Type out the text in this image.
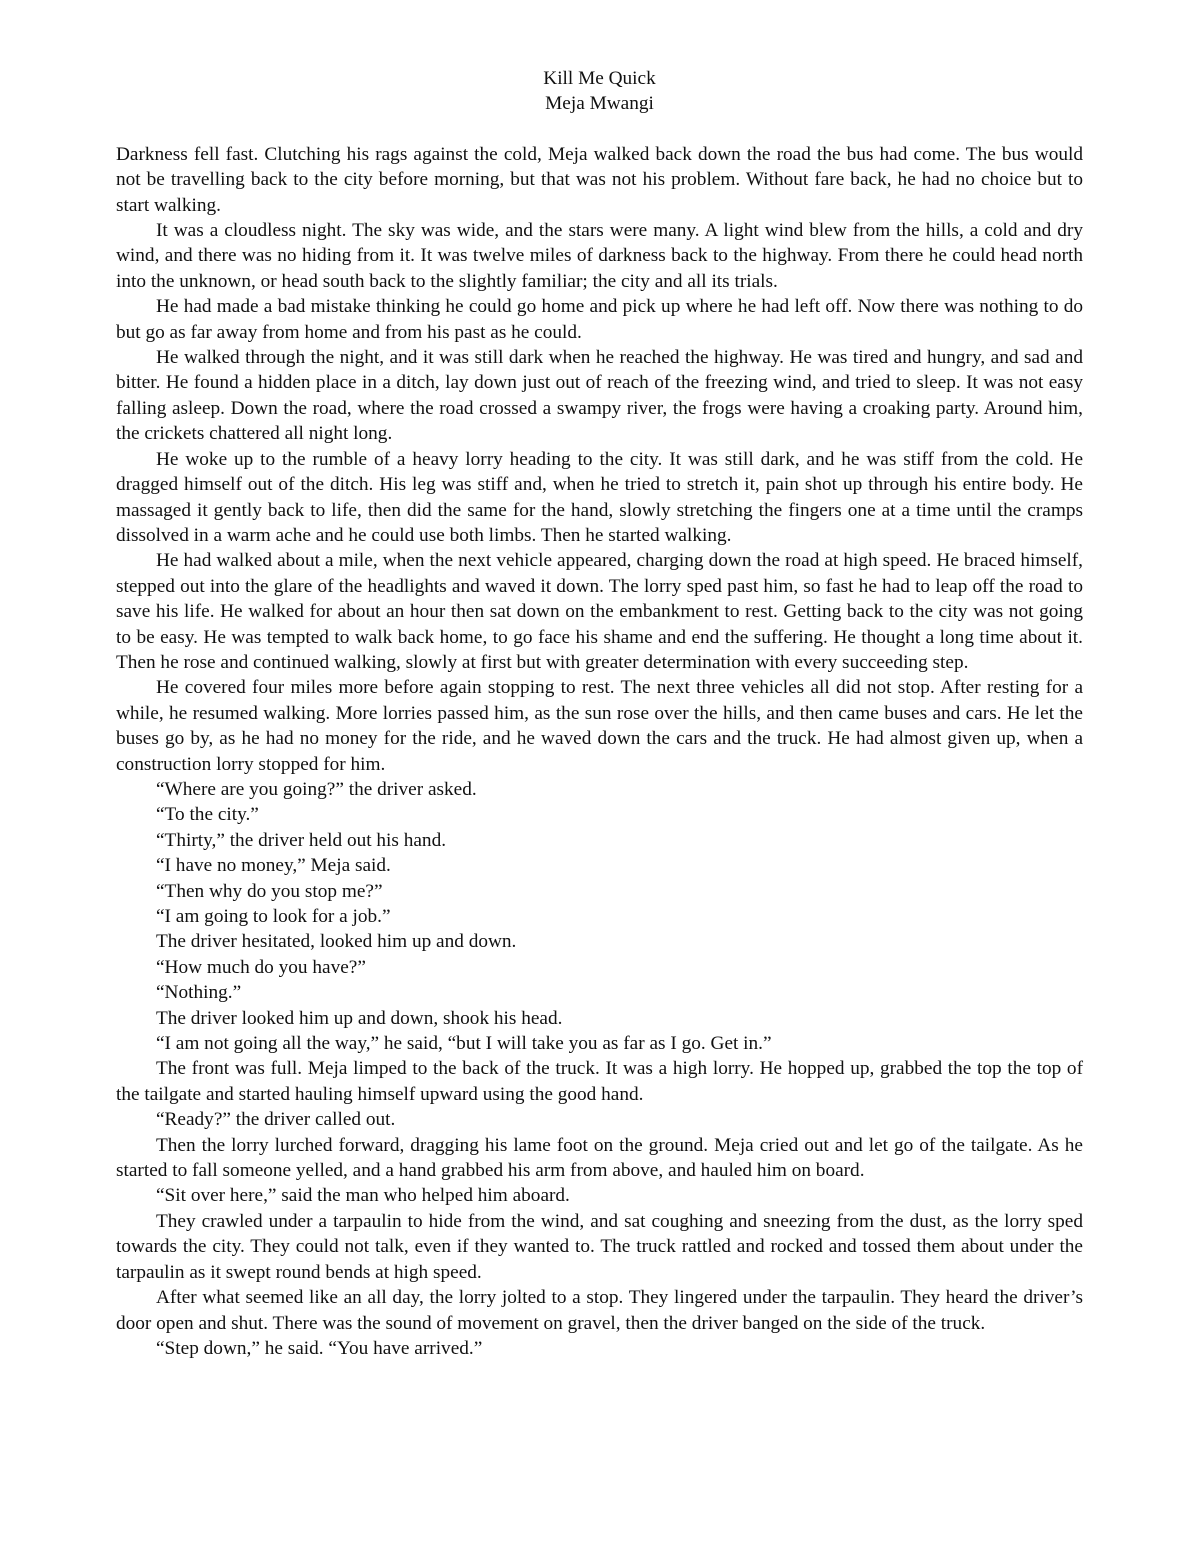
Kill Me Quick
Meja Mwangi

Darkness fell fast. Clutching his rags against the cold, Meja walked back down the road the bus had come. The bus would not be travelling back to the city before morning, but that was not his problem. Without fare back, he had no choice but to start walking.

It was a cloudless night. The sky was wide, and the stars were many. A light wind blew from the hills, a cold and dry wind, and there was no hiding from it. It was twelve miles of darkness back to the highway. From there he could head north into the unknown, or head south back to the slightly familiar; the city and all its trials.

He had made a bad mistake thinking he could go home and pick up where he had left off. Now there was nothing to do but go as far away from home and from his past as he could.

He walked through the night, and it was still dark when he reached the highway. He was tired and hungry, and sad and bitter. He found a hidden place in a ditch, lay down just out of reach of the freezing wind, and tried to sleep. It was not easy falling asleep. Down the road, where the road crossed a swampy river, the frogs were having a croaking party. Around him, the crickets chattered all night long.

He woke up to the rumble of a heavy lorry heading to the city. It was still dark, and he was stiff from the cold. He dragged himself out of the ditch. His leg was stiff and, when he tried to stretch it, pain shot up through his entire body. He massaged it gently back to life, then did the same for the hand, slowly stretching the fingers one at a time until the cramps dissolved in a warm ache and he could use both limbs. Then he started walking.

He had walked about a mile, when the next vehicle appeared, charging down the road at high speed. He braced himself, stepped out into the glare of the headlights and waved it down. The lorry sped past him, so fast he had to leap off the road to save his life. He walked for about an hour then sat down on the embankment to rest. Getting back to the city was not going to be easy. He was tempted to walk back home, to go face his shame and end the suffering. He thought a long time about it. Then he rose and continued walking, slowly at first but with greater determination with every succeeding step.

He covered four miles more before again stopping to rest. The next three vehicles all did not stop. After resting for a while, he resumed walking. More lorries passed him, as the sun rose over the hills, and then came buses and cars. He let the buses go by, as he had no money for the ride, and he waved down the cars and the truck. He had almost given up, when a construction lorry stopped for him.

“Where are you going?” the driver asked.

“To the city.”

“Thirty,” the driver held out his hand.

“I have no money,” Meja said.

“Then why do you stop me?”

“I am going to look for a job.”

The driver hesitated, looked him up and down.

“How much do you have?”

“Nothing.”

The driver looked him up and down, shook his head.

“I am not going all the way,” he said, “but I will take you as far as I go. Get in.”

The front was full. Meja limped to the back of the truck. It was a high lorry. He hopped up, grabbed the top the top of the tailgate and started hauling himself upward using the good hand.

“Ready?” the driver called out.

Then the lorry lurched forward, dragging his lame foot on the ground. Meja cried out and let go of the tailgate. As he started to fall someone yelled, and a hand grabbed his arm from above, and hauled him on board.

“Sit over here,” said the man who helped him aboard.

They crawled under a tarpaulin to hide from the wind, and sat coughing and sneezing from the dust, as the lorry sped towards the city. They could not talk, even if they wanted to. The truck rattled and rocked and tossed them about under the tarpaulin as it swept round bends at high speed.

After what seemed like an all day, the lorry jolted to a stop. They lingered under the tarpaulin. They heard the driver’s door open and shut. There was the sound of movement on gravel, then the driver banged on the side of the truck.

“Step down,” he said. “You have arrived.”
